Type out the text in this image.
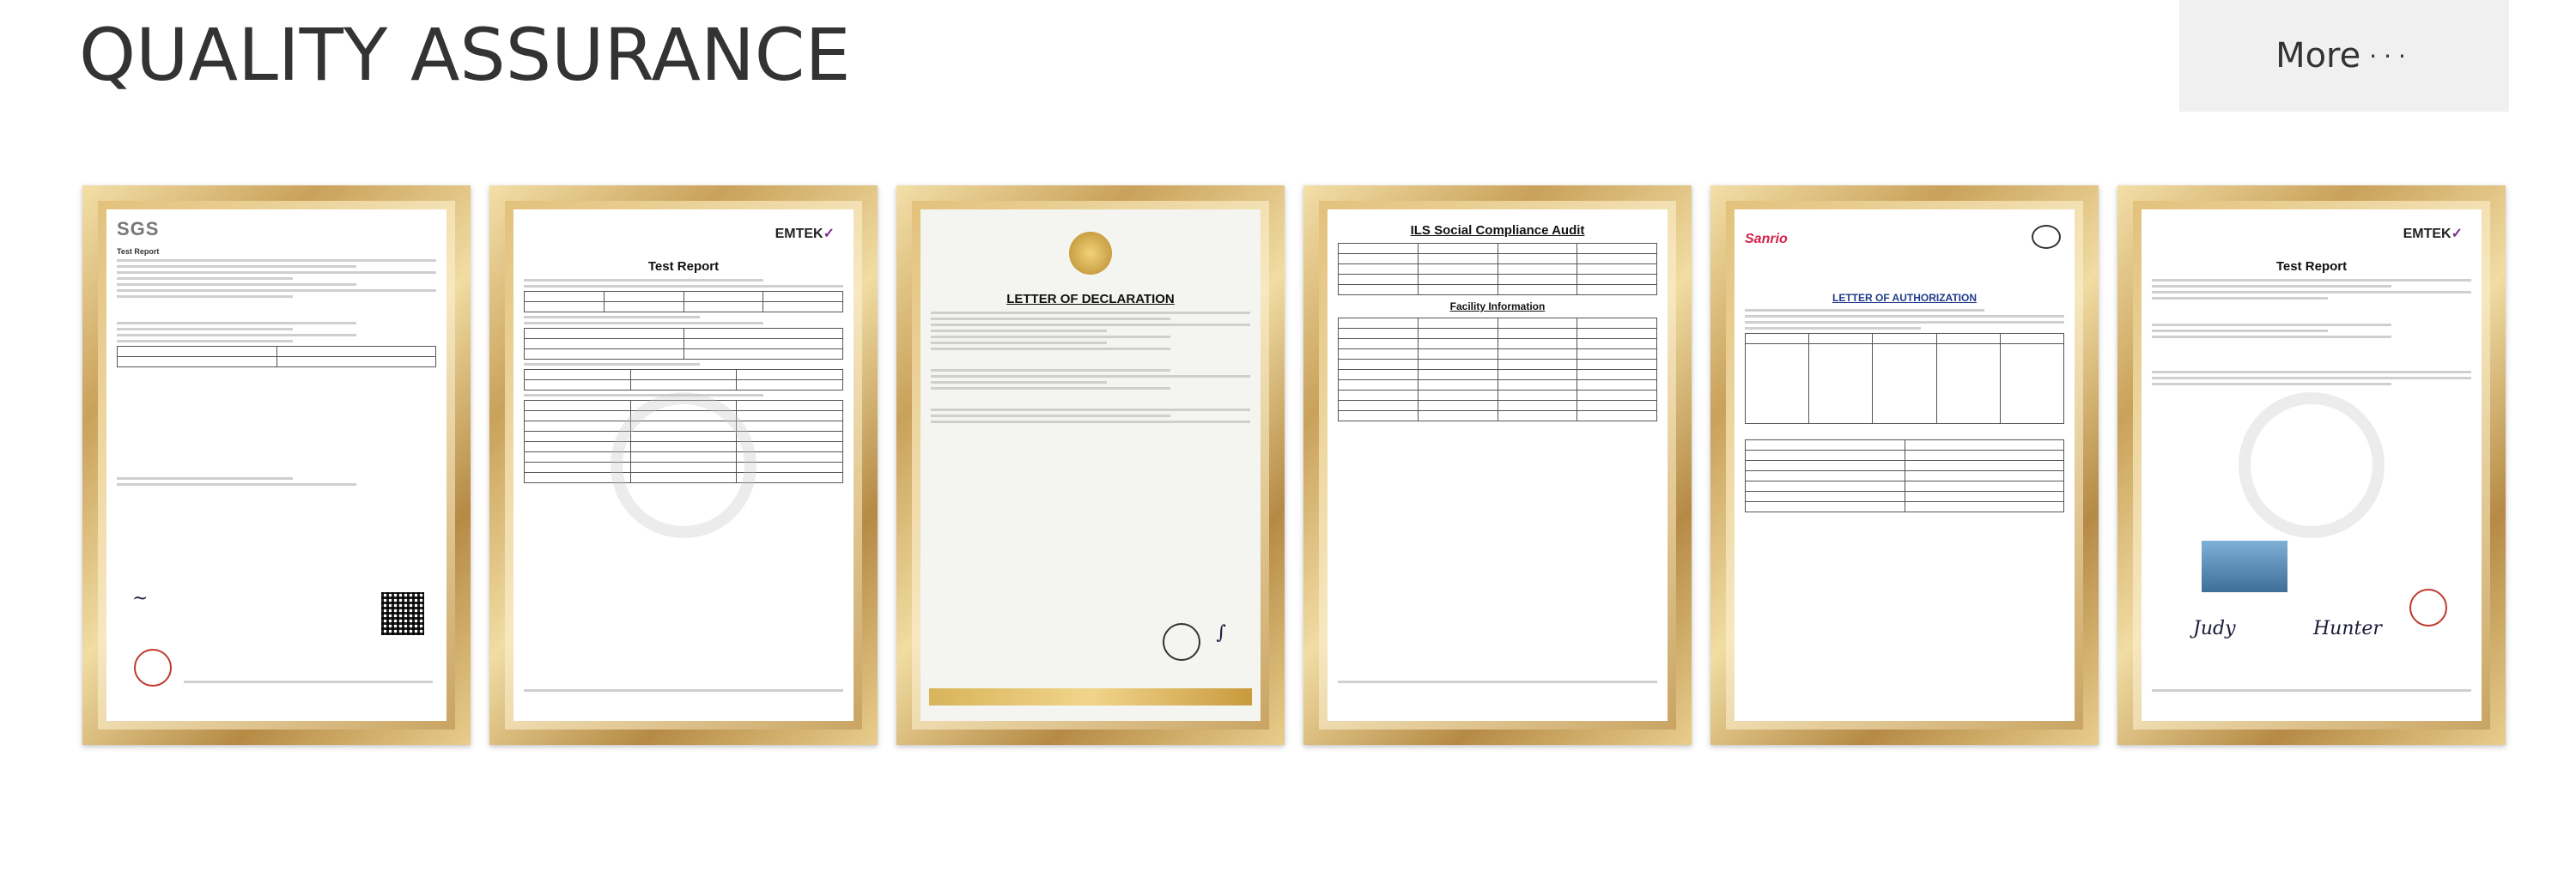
QUALITY ASSURANCE	More ···
SGS
Test Report

~
EMTEK✓
Test Report

LETTER OF DECLARATION
∫
ILS Social Compliance Audit

Facility Information

Sanrio
LETTER OF AUTHORIZATION

EMTEK✓
Test Report
Judy	Hunter
